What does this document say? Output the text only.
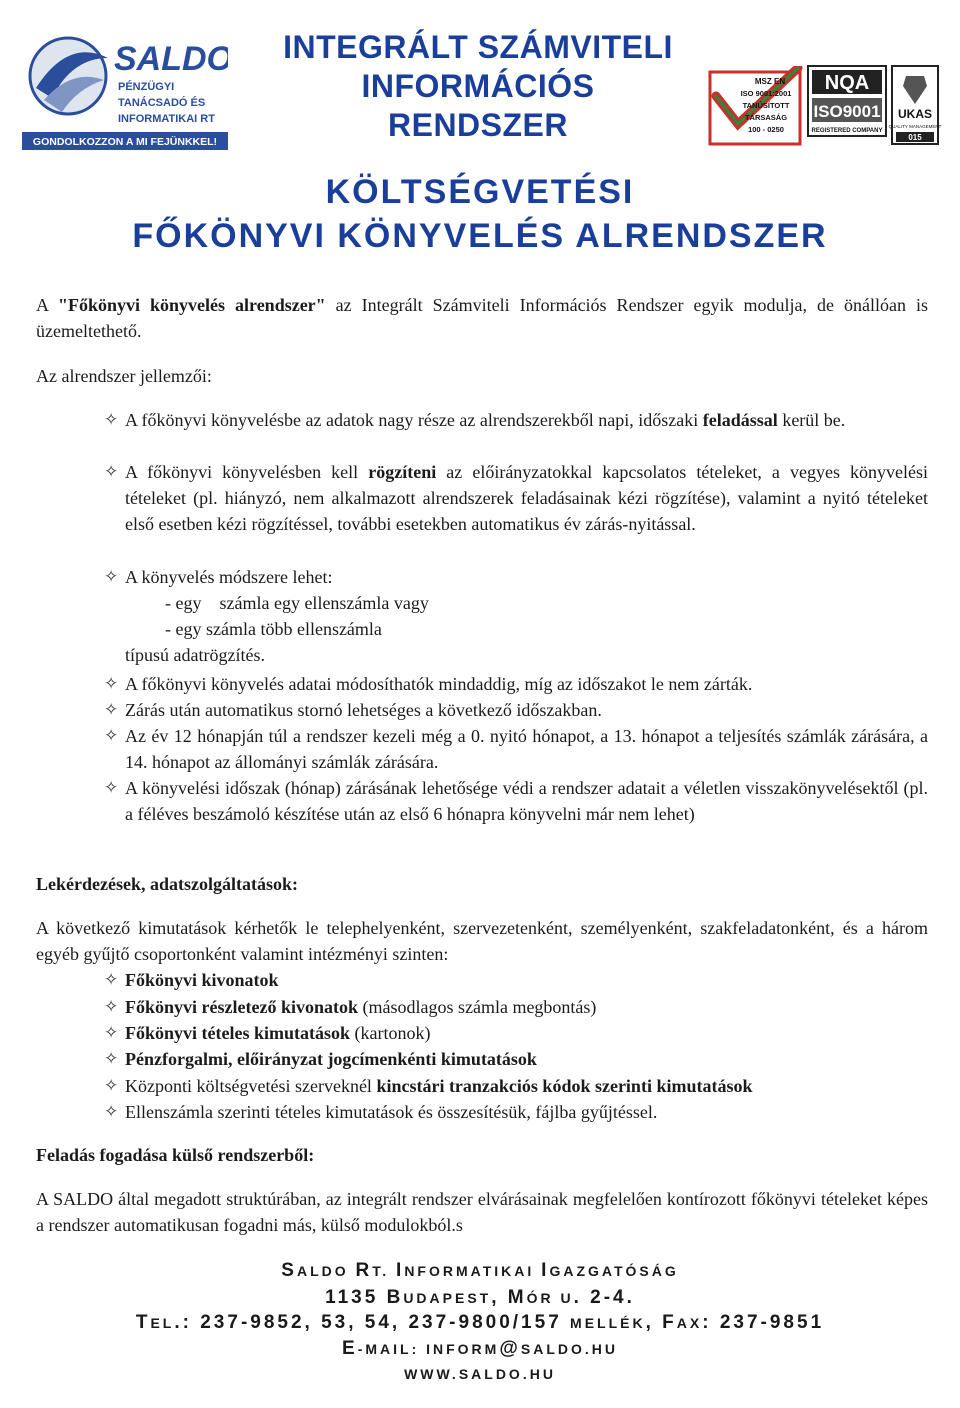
SALDO
PÉNZÜGYI
TANÁCSADÓ ÉS
INFORMATIKAI RT
GONDOLKOZZON A MI FEJÜNKKEL!
INTEGRÁLT SZÁMVITELI
INFORMÁCIÓS
RENDSZER
MSZ EN
ISO 9001:2001
TANÚSÍTOTT
TÁRSASÁG
100 - 0250
NQA
ISO9001
REGISTERED COMPANY
UKAS
QUALITY MANAGEMENT
015
KÖLTSÉGVETÉSI
FŐKÖNYVI KÖNYVELÉS ALRENDSZER
A "Főkönyvi könyvelés alrendszer" az Integrált Számviteli Információs Rendszer egyik modulja, de önállóan is üzemeltethető.
Az alrendszer jellemzői:
✧ A főkönyvi könyvelésbe az adatok nagy része az alrendszerekből napi, időszaki feladással kerül be.
✧ A főkönyvi könyvelésben kell rögzíteni az előirányzatokkal kapcsolatos tételeket, a vegyes könyvelési tételeket (pl. hiányzó, nem alkalmazott alrendszerek feladásainak kézi rögzítése), valamint a nyitó tételeket első esetben kézi rögzítéssel, további esetekben automatikus év zárás-nyitással.
✧ A könyvelés módszere lehet:
- egy    számla egy ellenszámla vagy
- egy számla több ellenszámla
típusú adatrögzítés.
✧ A főkönyvi könyvelés adatai módosíthatók mindaddig, míg az időszakot le nem zárták.
✧ Zárás után automatikus stornó lehetséges a következő időszakban.
✧ Az év 12 hónapján túl a rendszer kezeli még a 0. nyitó hónapot, a 13. hónapot a teljesítés számlák zárására, a 14. hónapot az állományi számlák zárására.
✧ A könyvelési időszak (hónap) zárásának lehetősége védi a rendszer adatait a véletlen visszakönyvelésektől (pl. a féléves beszámoló készítése után az első 6 hónapra könyvelni már nem lehet)
Lekérdezések, adatszolgáltatások:
A következő kimutatások kérhetők le telephelyenként, szervezetenként, személyenként, szakfeladatonként, és a három egyéb gyűjtő csoportonként valamint intézményi szinten:
✧ Főkönyvi kivonatok
✧ Főkönyvi részletező kivonatok (másodlagos számla megbontás)
✧ Főkönyvi tételes kimutatások (kartonok)
✧ Pénzforgalmi, előirányzat jogcímenkénti kimutatások
✧ Központi költségvetési szerveknél kincstári tranzakciós kódok szerinti kimutatások
✧ Ellenszámla szerinti tételes kimutatások és összesítésük, fájlba gyűjtéssel.
Feladás fogadása külső rendszerből:
A SALDO által megadott struktúrában, az integrált rendszer elvárásainak megfelelően kontírozott főkönyvi tételeket képes a rendszer automatikusan fogadni más, külső modulokból.s
SALDO RT. INFORMATIKAI IGAZGATÓSÁG
1135 BUDAPEST, MÓR U. 2-4.
TEL.: 237-9852, 53, 54, 237-9800/157 MELLÉK, FAX: 237-9851
E-MAIL: INFORM@SALDO.HU
WWW.SALDO.HU
